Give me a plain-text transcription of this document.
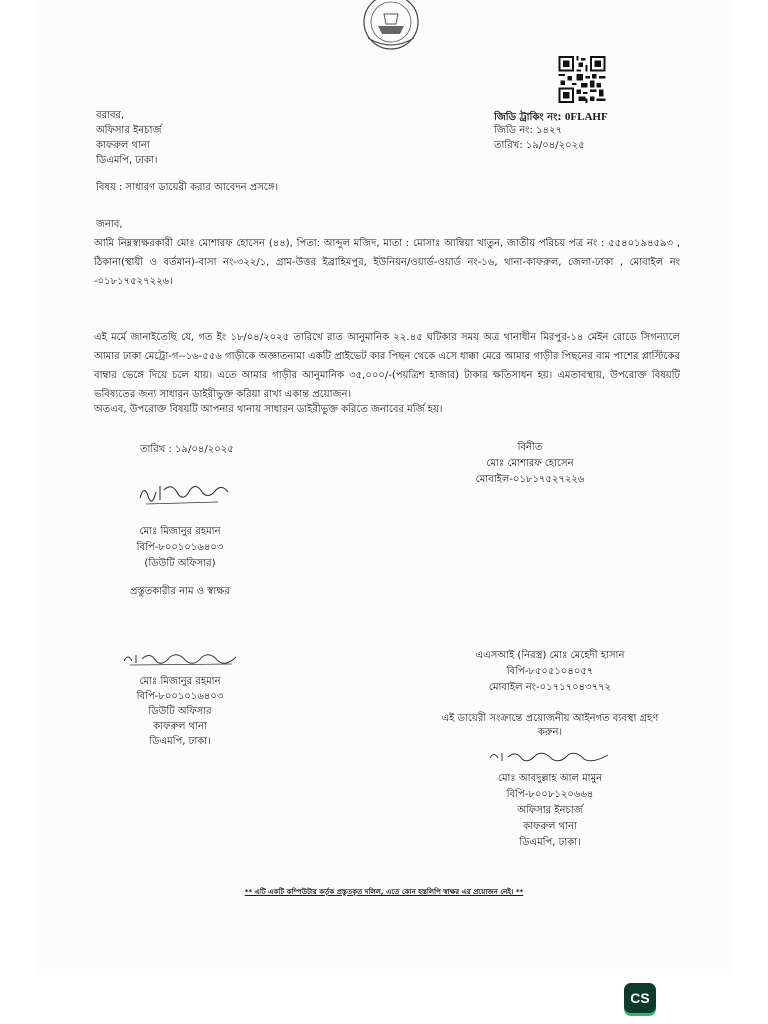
জিডি ট্রাকিং নং: 0FLAHF
জিডি নং: ১৪২৭
তারিখ: ১৯/০৪/২০২৫
বরাবর,
অফিসার ইনচার্জ
কাফরুল থানা
ডিএমপি, ঢাকা।
বিষয় : সাধারণ ডায়েরী করার আবেদন প্রসঙ্গে।
জনাব,
আমি নিম্নস্বাক্ষরকারী মোঃ মোশারফ হোসেন (৪৪), পিতা: আব্দুল মজিদ, মাতা : মোসাঃ আম্বিয়া খাতুন, জাতীয় পরিচয় পত্র নং : ৫৫৪০১৯৪৫৯৩ , ঠিকানা(স্থায়ী ও বর্তমান)-বাসা নং-৩২২/১, গ্রাম-উত্তর ইব্রাহিমপুর, ইউনিয়ন/ওয়ার্ড-ওয়ার্ড নং-১৬, থানা-কাফরুল, জেলা-ঢাকা , মোবাইল নং -০১৮১৭৫২৭২২৬।
এই মর্মে জানাইতেছি যে, গত ইং ১৮/০৪/২০২৫ তারিখে রাত আনুমানিক ২২.৪৫ ঘটিকার সময় অত্র থানাধীন মিরপুর-১৪ মেইন রোডে সিগন্যালে আমার ঢাকা মেট্রো-গ--১৬-৫৫৬ গাড়ীকে অজ্ঞাতনামা একটি প্রাইভেট কার পিছন থেকে এসে ধাক্কা মেরে আমার গাড়ীর পিছনের বাম পাশের প্লাস্টিকের বাম্বার ভেঙ্গে দিয়ে চলে যায়। এতে আমার গাড়ীর আনুমানিক ৩৫,০০০/-(পয়ত্রিশ হাজার) টাকার ক্ষতিসাধন হয়। এমতাবস্থায়, উপরোক্ত বিষয়টি ভবিষ্যতের জন্য সাধারন ডাইরীভুক্ত করিয়া রাখা একান্ত প্রয়োজন।
অতএব, উপরোক্ত বিষয়টি আপনার থানায় সাধারন ডাইরীভুক্ত করিতে জনাবের মর্জি হয়।
তারিখ : ১৯/০৪/২০২৫
মোঃ মিজানুর রহমান
বিপি-৮০০১০১৬৪০৩
(ডিউটি অফিসার)
প্রস্তুতকারীর নাম ও স্বাক্ষর
বিনীত
মোঃ মোশারফ হোসেন
মোবাইল-০১৮১৭৫২৭২২৬
মোঃ মিজানুর রহমান
বিপি-৮০০১০১৬৪০৩
ডিউটি অফিসার
কাফরুল থানা
ডিএমপি, ঢাকা।
এএসআই (নিরস্ত্র) মোঃ মেহেদী হাসান
বিপি-৮৫০৫১০৪০৫৭
মোবাইল নং-০১৭১৭০৪৩৭৭২
এই ডায়েরী সংক্রান্তে প্রয়োজনীয় আইনগত ব্যবস্থা গ্রহণ করুন।
মোঃ আবদুল্লাহ আল মামুন
বিপি-৮০০৮১২০৬৬৪
অফিসার ইনচার্জ
কাফরুল থানা
ডিএমপি, ঢাকা।
** এটি একটি কম্পিউটার কর্তৃক প্রস্তুতকৃত দলিল, এতে কোন হস্তলিপি স্বাক্ষর এর প্রয়োজন নেই। **
CS
